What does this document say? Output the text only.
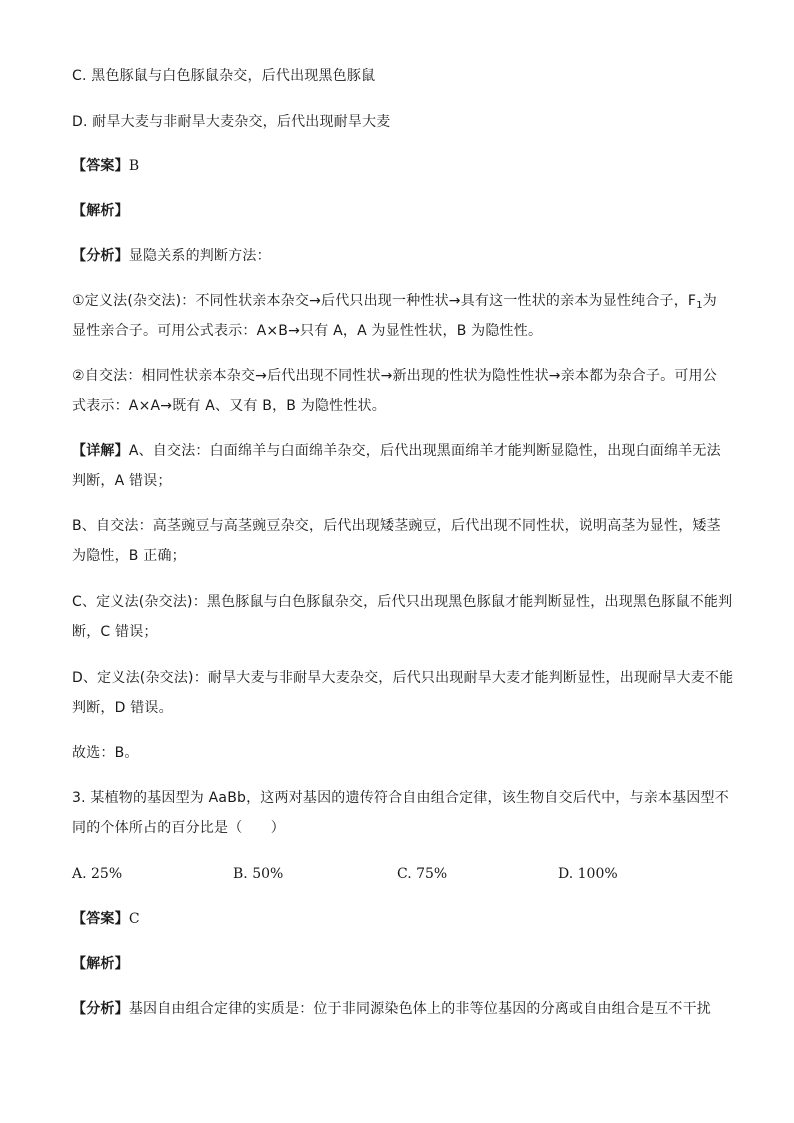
C. 黑色豚鼠与白色豚鼠杂交，后代出现黑色豚鼠
D. 耐旱大麦与非耐旱大麦杂交，后代出现耐旱大麦
【答案】B
【解析】
【分析】显隐关系的判断方法：
①定义法(杂交法)：不同性状亲本杂交→后代只出现一种性状→具有这一性状的亲本为显性纯合子，$F_1$为
显性亲合子。可用公式表示：A×B→只有 A，A 为显性性状，B 为隐性性。
②自交法：相同性状亲本杂交→后代出现不同性状→新出现的性状为隐性性状→亲本都为杂合子。可用公
式表示：A×A→既有 A、又有 B，B 为隐性性状。
【详解】A、自交法：白面绵羊与白面绵羊杂交，后代出现黑面绵羊才能判断显隐性，出现白面绵羊无法
判断，A 错误；
B、自交法：高茎豌豆与高茎豌豆杂交，后代出现矮茎豌豆，后代出现不同性状，说明高茎为显性，矮茎
为隐性，B 正确；
C、定义法(杂交法)：黑色豚鼠与白色豚鼠杂交，后代只出现黑色豚鼠才能判断显性，出现黑色豚鼠不能判
断，C 错误；
D、定义法(杂交法)：耐旱大麦与非耐旱大麦杂交，后代只出现耐旱大麦才能判断显性，出现耐旱大麦不能
判断，D 错误。
故选：B。
3. 某植物的基因型为 AaBb，这两对基因的遗传符合自由组合定律，该生物自交后代中，与亲本基因型不
同的个体所占的百分比是（　　）
A. 25%	B. 50%	C. 75%	D. 100%
【答案】C
【解析】
【分析】基因自由组合定律的实质是：位于非同源染色体上的非等位基因的分离或自由组合是互不干扰
